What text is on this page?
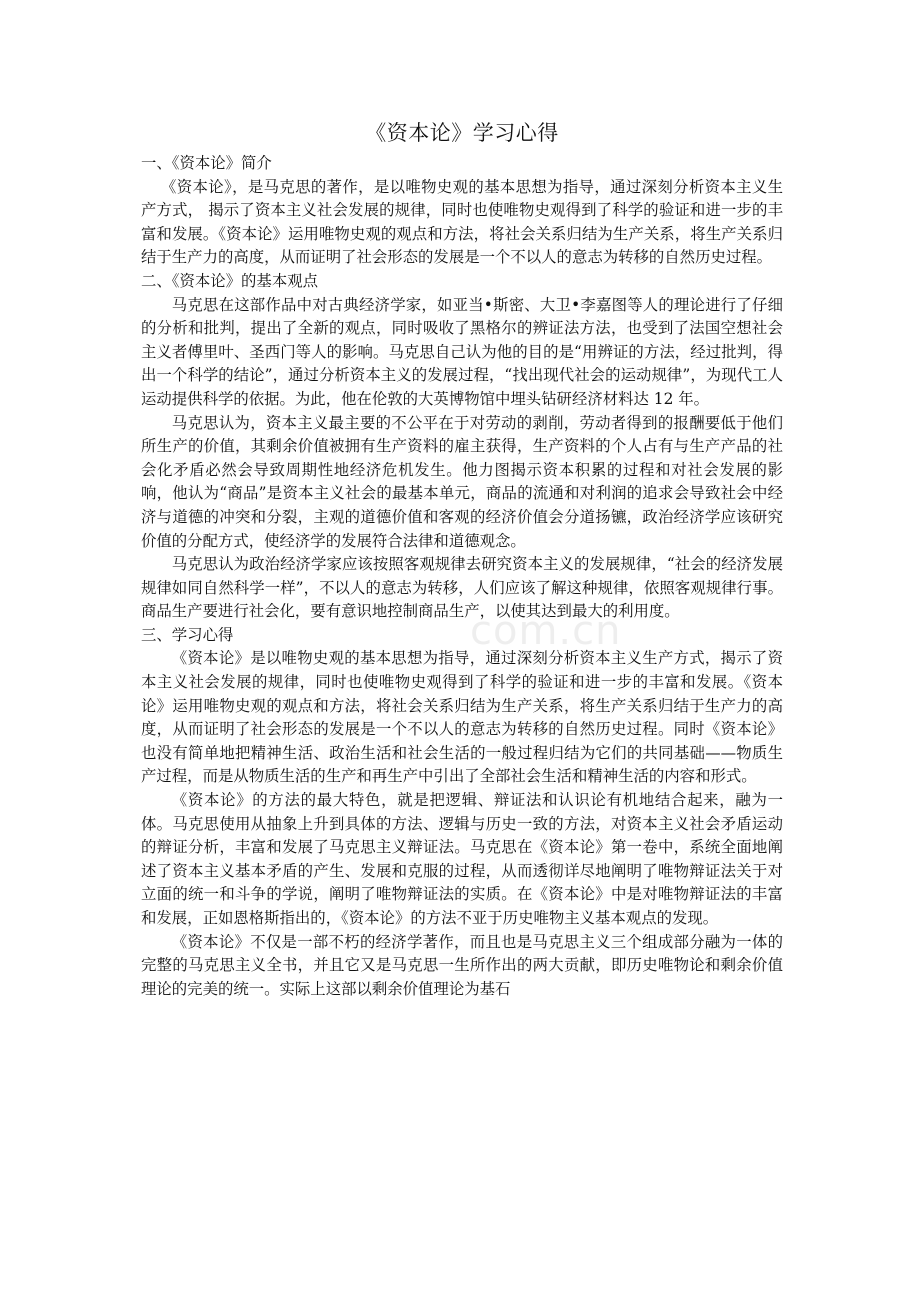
《资本论》学习心得

一、《资本论》简介

《资本论》，是马克思的著作，是以唯物史观的基本思想为指导，通过深刻分析资本主义生产方式， 揭示了资本主义社会发展的规律，同时也使唯物史观得到了科学的验证和进一步的丰富和发展。《资本论》运用唯物史观的观点和方法，将社会关系归结为生产关系，将生产关系归结于生产力的高度，从而证明了社会形态的发展是一个不以人的意志为转移的自然历史过程。

二、《资本论》的基本观点

马克思在这部作品中对古典经济学家，如亚当•斯密、大卫•李嘉图等人的理论进行了仔细的分析和批判，提出了全新的观点，同时吸收了黑格尔的辨证法方法，也受到了法国空想社会主义者傅里叶、圣西门等人的影响。马克思自己认为他的目的是“用辨证的方法，经过批判，得出一个科学的结论”，通过分析资本主义的发展过程，“找出现代社会的运动规律”，为现代工人运动提供科学的依据。为此，他在伦敦的大英博物馆中埋头钻研经济材料达 12 年。

马克思认为，资本主义最主要的不公平在于对劳动的剥削，劳动者得到的报酬要低于他们所生产的价值，其剩余价值被拥有生产资料的雇主获得，生产资料的个人占有与生产产品的社会化矛盾必然会导致周期性地经济危机发生。他力图揭示资本积累的过程和对社会发展的影响，他认为“商品”是资本主义社会的最基本单元，商品的流通和对利润的追求会导致社会中经济与道德的冲突和分裂，主观的道德价值和客观的经济价值会分道扬镳，政治经济学应该研究价值的分配方式，使经济学的发展符合法律和道德观念。

马克思认为政治经济学家应该按照客观规律去研究资本主义的发展规律，“社会的经济发展规律如同自然科学一样”，不以人的意志为转移，人们应该了解这种规律，依照客观规律行事。商品生产要进行社会化，要有意识地控制商品生产，以使其达到最大的利用度。

三、学习心得

《资本论》是以唯物史观的基本思想为指导，通过深刻分析资本主义生产方式，揭示了资本主义社会发展的规律，同时也使唯物史观得到了科学的验证和进一步的丰富和发展。《资本论》运用唯物史观的观点和方法，将社会关系归结为生产关系，将生产关系归结于生产力的高度，从而证明了社会形态的发展是一个不以人的意志为转移的自然历史过程。同时《资本论》也没有简单地把精神生活、政治生活和社会生活的一般过程归结为它们的共同基础——物质生产过程，而是从物质生活的生产和再生产中引出了全部社会生活和精神生活的内容和形式。

《资本论》的方法的最大特色，就是把逻辑、辩证法和认识论有机地结合起来，融为一体。马克思使用从抽象上升到具体的方法、逻辑与历史一致的方法，对资本主义社会矛盾运动的辩证分析，丰富和发展了马克思主义辩证法。马克思在《资本论》第一卷中，系统全面地阐述了资本主义基本矛盾的产生、发展和克服的过程，从而透彻详尽地阐明了唯物辩证法关于对立面的统一和斗争的学说，阐明了唯物辩证法的实质。在《资本论》中是对唯物辩证法的丰富和发展，正如恩格斯指出的，《资本论》的方法不亚于历史唯物主义基本观点的发现。

《资本论》不仅是一部不朽的经济学著作，而且也是马克思主义三个组成部分融为一体的完整的马克思主义全书，并且它又是马克思一生所作出的两大贡献，即历史唯物论和剩余价值理论的完美的统一。实际上这部以剩余价值理论为基石

com.cn
